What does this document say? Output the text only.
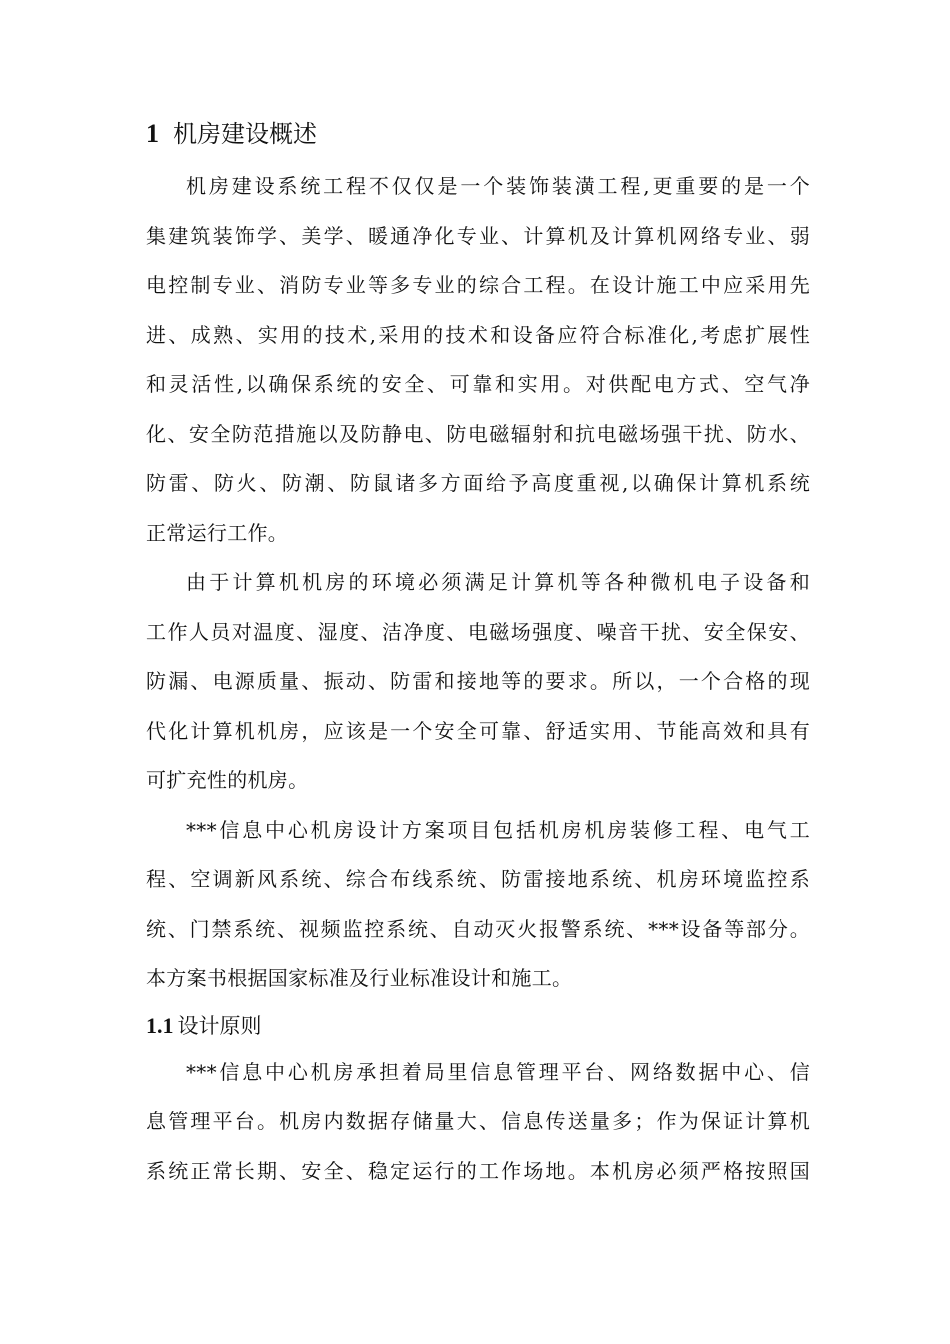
1 机房建设概述
机房建设系统工程不仅仅是一个装饰装潢工程,更重要的是一个
集建筑装饰学、美学、暖通净化专业、计算机及计算机网络专业、弱
电控制专业、消防专业等多专业的综合工程。在设计施工中应采用先
进、成熟、实用的技术,采用的技术和设备应符合标准化,考虑扩展性
和灵活性,以确保系统的安全、可靠和实用。对供配电方式、空气净
化、安全防范措施以及防静电、防电磁辐射和抗电磁场强干扰、防水、
防雷、防火、防潮、防鼠诸多方面给予高度重视,以确保计算机系统
正常运行工作。
由于计算机机房的环境必须满足计算机等各种微机电子设备和
工作人员对温度、湿度、洁净度、电磁场强度、噪音干扰、安全保安、
防漏、电源质量、振动、防雷和接地等的要求。所以，一个合格的现
代化计算机机房，应该是一个安全可靠、舒适实用、节能高效和具有
可扩充性的机房。
***信息中心机房设计方案项目包括机房机房装修工程、电气工
程、空调新风系统、综合布线系统、防雷接地系统、机房环境监控系
统、门禁系统、视频监控系统、自动灭火报警系统、***设备等部分。
本方案书根据国家标准及行业标准设计和施工。
1.1 设计原则
***信息中心机房承担着局里信息管理平台、网络数据中心、信
息管理平台。机房内数据存储量大、信息传送量多；作为保证计算机
系统正常长期、安全、稳定运行的工作场地。本机房必须严格按照国
